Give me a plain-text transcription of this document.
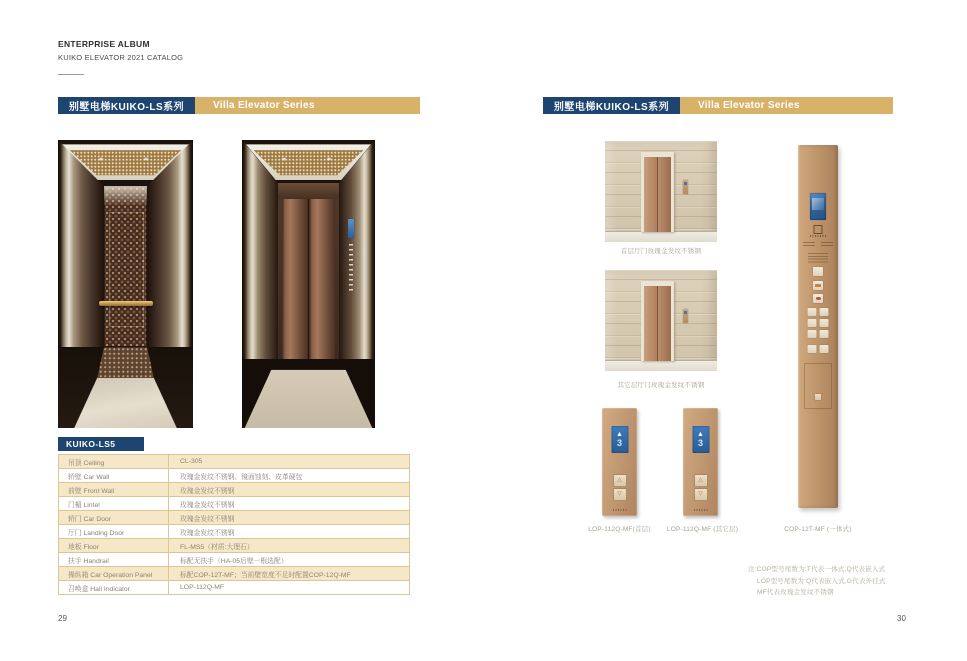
ENTERPRISE ALBUM
KUIKO ELEVATOR 2021 CATALOG
别墅电梯KUIKO-LS系列	Villa Elevator Series
KUIKO-LS5
吊顶 Ceiling	CL-305
轿壁 Car Wall	玫瑰金发纹不锈钢、镜面蚀刻、皮革硬包
前壁 Front Wall	玫瑰金发纹不锈钢
门楣 Lintel	玫瑰金发纹不锈钢
轿门 Car Door	玫瑰金发纹不锈钢
厅门 Landing Door	玫瑰金发纹不锈钢
地板 Floor	FL-MS5（材质:大理石）
扶手 Handrail	标配无扶手（HA-05后壁一根选配）
操纵箱 Car Operation Panel	标配COP-12T-MF；当前壁宽度不足时配置COP-12Q-MF
召唤盒 Hall Indicator	LOP-112Q-MF
29
别墅电梯KUIKO-LS系列	Villa Elevator Series
首层厅门玫瑰金发纹不锈钢
其它层厅门玫瑰金发纹不锈钢
▲
3
△
▽
▲
3
△
▽
LOP-112Q-MF(首层)	LOP-112Q-MF (其它层)	COP-12T-MF (一体式)
注:COP型号尾数为:T代表一体式,Q代表嵌入式
LOP型号尾数为:Q代表嵌入式,G代表外挂式
MF代表玫瑰金发纹不锈钢
30
